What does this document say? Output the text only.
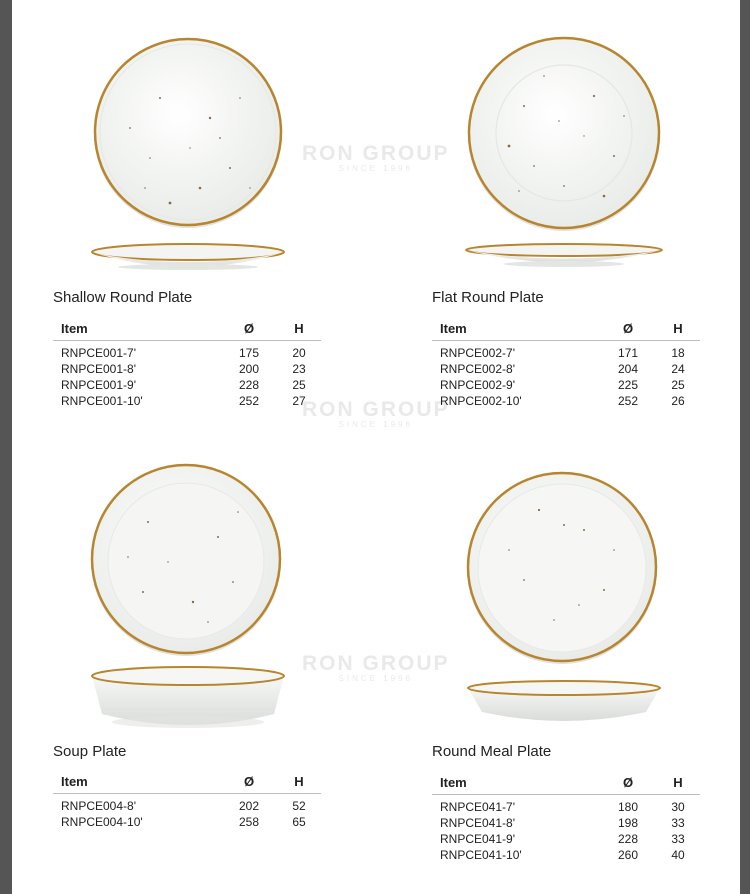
RON GROUP
SINCE 1996
RON GROUP
SINCE 1996
RON GROUP
SINCE 1996
Shallow Round Plate
Item	Ø	H
RNPCE001-7'	175	20
RNPCE001-8'	200	23
RNPCE001-9'	228	25
RNPCE001-10'	252	27
Flat Round Plate
Item	Ø	H
RNPCE002-7'	171	18
RNPCE002-8'	204	24
RNPCE002-9'	225	25
RNPCE002-10'	252	26
Soup Plate
Item	Ø	H
RNPCE004-8'	202	52
RNPCE004-10'	258	65
Round Meal Plate
Item	Ø	H
RNPCE041-7'	180	30
RNPCE041-8'	198	33
RNPCE041-9'	228	33
RNPCE041-10'	260	40
